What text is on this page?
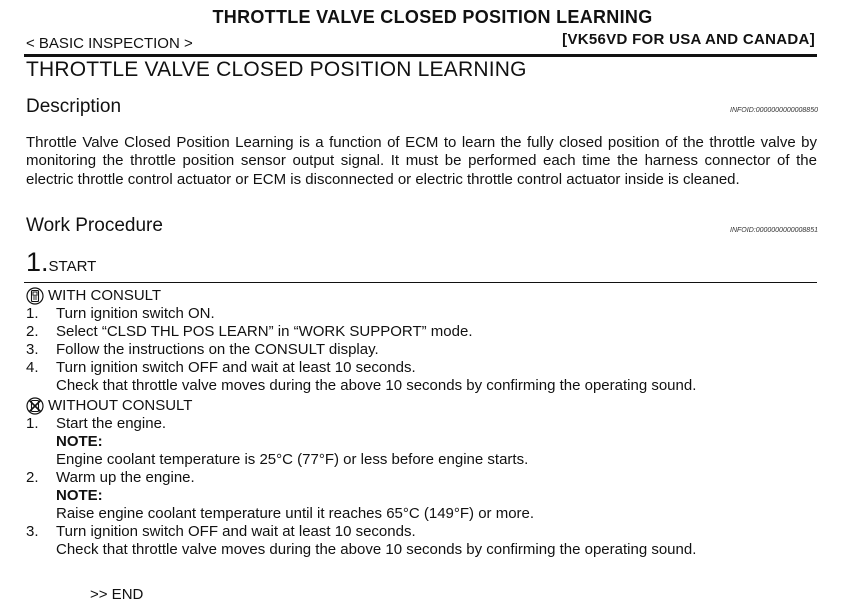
THROTTLE VALVE CLOSED POSITION LEARNING
< BASIC INSPECTION >	[VK56VD FOR USA AND CANADA]
THROTTLE VALVE CLOSED POSITION LEARNING
Description	INFOID:0000000000008850
Throttle Valve Closed Position Learning is a function of ECM to learn the fully closed position of the throttle valve by monitoring the throttle position sensor output signal. It must be performed each time the harness connector of the electric throttle control actuator or ECM is disconnected or electric throttle control actuator inside is cleaned.
Work Procedure	INFOID:0000000000008851
1.START
WITH CONSULT
1. Turn ignition switch ON.
2. Select “CLSD THL POS LEARN” in “WORK SUPPORT” mode.
3. Follow the instructions on the CONSULT display.
4. Turn ignition switch OFF and wait at least 10 seconds.
Check that throttle valve moves during the above 10 seconds by confirming the operating sound.
WITHOUT CONSULT
1. Start the engine.
NOTE:
Engine coolant temperature is 25°C (77°F) or less before engine starts.
2. Warm up the engine.
NOTE:
Raise engine coolant temperature until it reaches 65°C (149°F) or more.
3. Turn ignition switch OFF and wait at least 10 seconds.
Check that throttle valve moves during the above 10 seconds by confirming the operating sound.
>> END
